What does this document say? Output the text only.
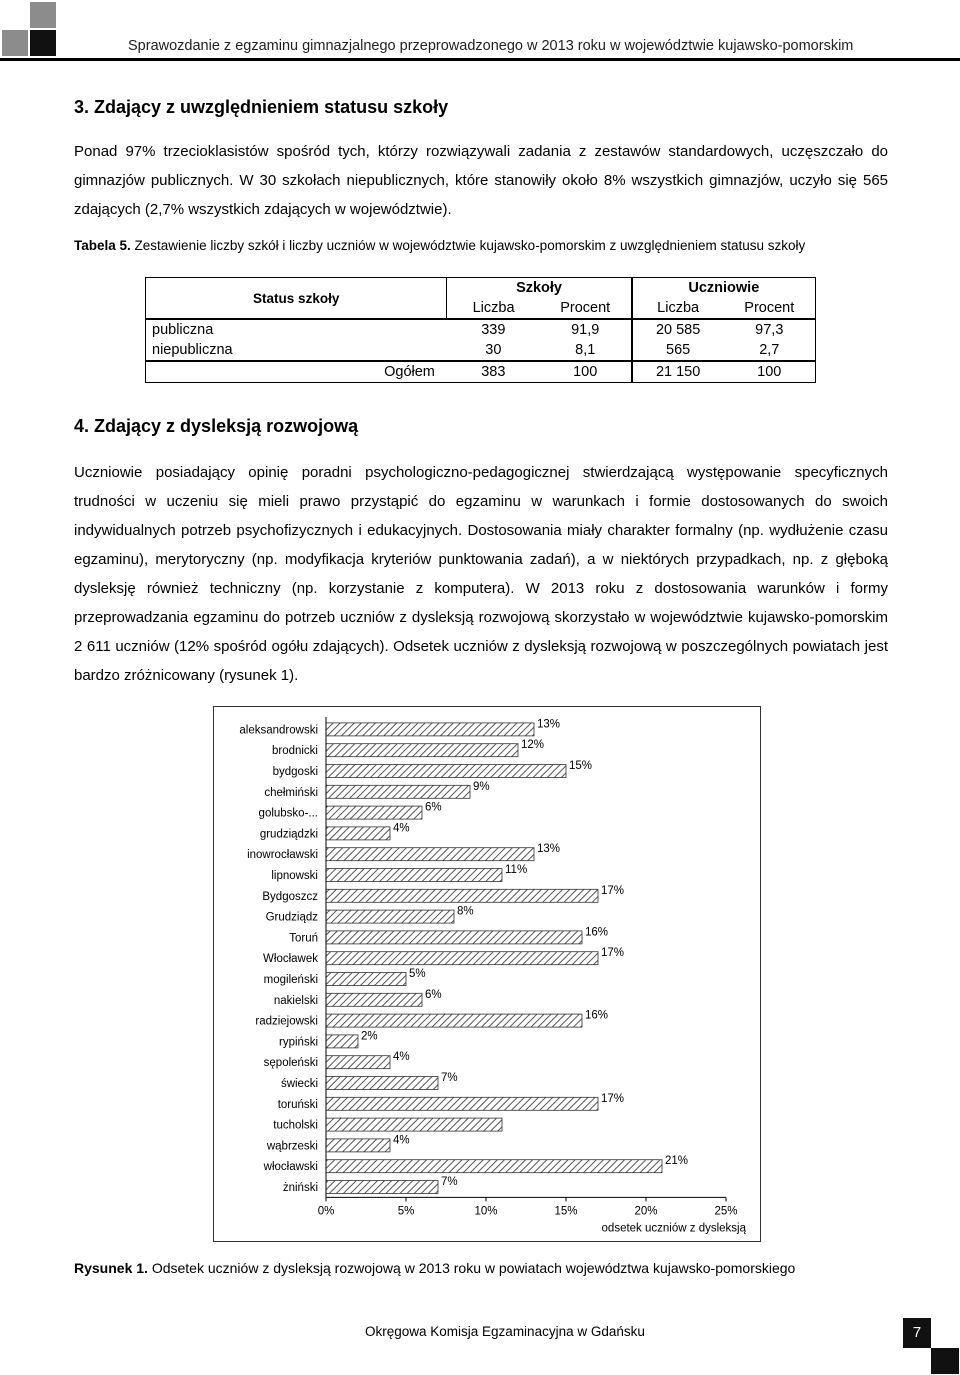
Sprawozdanie z egzaminu gimnazjalnego przeprowadzonego w 2013 roku w województwie kujawsko-pomorskim
3. Zdający z uwzględnieniem statusu szkoły
Ponad 97% trzecioklasistów spośród tych, którzy rozwiązywali zadania z zestawów standardowych, uczęszczało do gimnazjów publicznych. W 30 szkołach niepublicznych, które stanowiły około 8% wszystkich gimnazjów, uczyło się 565 zdających (2,7% wszystkich zdających w województwie).
Tabela 5. Zestawienie liczby szkół i liczby uczniów w województwie kujawsko-pomorskim z uwzględnieniem statusu szkoły
Status szkoły	Szkoły		Uczniowie	
	Liczba	Procent	Liczba	Procent
publiczna	339	91,9	20 585	97,3
niepubliczna	30	8,1	565	2,7
Ogółem	383	100	21 150	100
4. Zdający z dysleksją rozwojową
Uczniowie posiadający opinię poradni psychologiczno-pedagogicznej stwierdzającą występowanie specyficznych trudności w uczeniu się mieli prawo przystąpić do egzaminu w warunkach i formie dostosowanych do swoich indywidualnych potrzeb psychofizycznych i edukacyjnych. Dostosowania miały charakter formalny (np. wydłużenie czasu egzaminu), merytoryczny (np. modyfikacja kryteriów punktowania zadań), a w niektórych przypadkach, np. z głęboką dysleksję również techniczny (np. korzystanie z komputera). W 2013 roku z dostosowania warunków i formy przeprowadzania egzaminu do potrzeb uczniów z dysleksją rozwojową skorzystało w województwie kujawsko-pomorskim 2 611 uczniów (12% spośród ogółu zdających). Odsetek uczniów z dysleksją rozwojową w poszczególnych powiatach jest bardzo zróżnicowany (rysunek 1).
aleksandrowski	13%
brodnicki	12%
bydgoski	15%
chełmiński	9%
golubsko-...	6%
grudziądzki	4%
inowrocławski	13%
lipnowski	11%
Bydgoszcz	17%
Grudziądz	8%
Toruń	16%
Włocławek	17%
mogileński	5%
nakielski	6%
radziejowski	16%
rypiński	2%
sępoleński	4%
świecki	7%
toruński	17%
tucholski
wąbrzeski	4%
włocławski	21%
żniński	7%
0%	5%	10%	15%	20%	25%
odsetek uczniów z dysleksją
Rysunek 1. Odsetek uczniów z dysleksją rozwojową w 2013 roku w powiatach województwa kujawsko-pomorskiego
Okręgowa Komisja Egzaminacyjna w Gdańsku	7
